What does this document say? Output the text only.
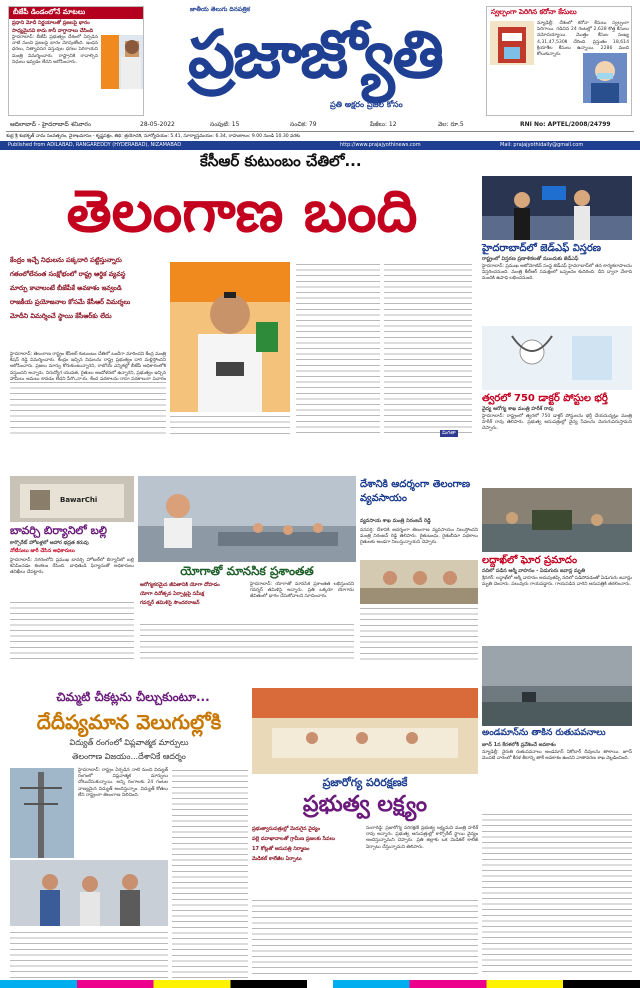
బీజేపీ డిండంలోనే మాటలు
ప్రధాని మోదీ నిర్ణయాలతో ప్రజలపై భారం
సాధ్యమైనవి కాదు కానీ వాగ్దానాలు చేసింది
హైదరాబాద్: బీజేపీ ప్రభుత్వం దేశంలో ఏర్పడిన నాటి నుంచి ప్రజలపై భారం మోపుతోంది. ఇంధన ధరలు, నిత్యావసర వస్తువుల ధరలు పెరిగాయని మంత్రి విమర్శించారు. రాష్ట్రానికి రావాల్సిన నిధులు ఇవ్వడం లేదని ఆరోపించారు.
జాతీయ తెలుగు దినపత్రిక
ప్రజాజ్యోతి
ప్రతి అక్షరం ప్రజల కోసం
స్వల్పంగా పెరిగిన కరోనా కేసులు
న్యూఢిల్లీ: దేశంలో కరోనా కేసులు స్వల్పంగా పెరిగాయి. గడిచిన 24 గంటల్లో 2,628 కొత్త కేసులు నమోదయ్యాయి. మొత్తం కేసుల సంఖ్య 4,31,47,530కి చేరింది. ప్రస్తుతం 18,614 క్రియాశీల కేసులు ఉన్నాయి. 2286 మంది కోలుకున్నారు.
ఆదిలాబాద్ - హైదరాబాద్ శనివారం	28-05-2022	సంపుటి: 15	సంచిక: 79	పేజీలు: 12	వెల: రూ.5	RNI No: APTEL/2008/24799
శుభ్ర శ్రీ శుభకృత్ నామ సంవత్సరం, వైశాఖమాసం - కృష్ణపక్షం, తిథి: త్రయోదశి, సూర్యోదయం: 5.41, సూర్యాస్తమయం: 6.34, రాహుకాలం: 9.00 నుండి 10.30 వరకు
Published from ADILABAD, RANGAREDDY (HYDERABAD), NIZAMABAD	http://www.prajajyothinews.com	Mail: prajajyothidaily@gmail.com
కేసీఆర్ కుటుంబం చేతిలో...
తెలంగాణ బంది
కేంద్రం ఇచ్చే నిధులను పక్కదారి పట్టిస్తున్నారు
గతంలోలేనంత సంక్షోభంలో రాష్ట్ర ఆర్థిక వ్యవస్థ
మార్పు కావాలంటే బీజేపీకే అవకాశం ఇవ్వండి
రాజకీయ ప్రయోజనాల కోసమే కేసీఆర్ విమర్శలు
మోదీని విమర్శించే స్థాయి కేసీఆర్‌కు లేదు
హైదరాబాద్: తెలంగాణ రాష్ట్రం కేసీఆర్ కుటుంబం చేతిలో బందీగా మారిందని కేంద్ర మంత్రి కిషన్ రెడ్డి విమర్శించారు. కేంద్రం ఇచ్చిన నిధులను రాష్ట్ర ప్రభుత్వం దారి మళ్లిస్తోందని ఆరోపించారు. ప్రజలు మార్పు కోరుకుంటున్నారని, రాబోయే ఎన్నికల్లో బీజేపీ అధికారంలోకి వస్తుందని అన్నారు. నిరుద్యోగ యువత, రైతులు ఆందోళనలో ఉన్నారని, ప్రభుత్వం ఇచ్చిన
మిగతా
హైదరాబాద్‌లో జెడ్‌ఎఫ్ విస్తరణ
రాష్ట్రంలో విస్తరణ ప్రణాళికలతో ముందుకు జెడ్‌ఎఫ్
హైదరాబాద్: ప్రముఖ ఆటోమోటివ్ సంస్థ జెడ్‌ఎఫ్ హైదరాబాద్‌లో తన కార్యకలాపాలను విస్తరించనుంది. మంత్రి కేటీఆర్ సమక్షంలో ఒప్పందం కుదిరింది. దీని ద్వారా వేలాది మందికి ఉపాధి లభించనుంది.
త్వరలో 750 డాక్టర్ పోస్టుల భర్తీ
వైద్య ఆరోగ్య శాఖ మంత్రి హరీశ్ రావు
హైదరాబాద్: రాష్ట్రంలో త్వరలో 750 డాక్టర్ పోస్టులను భర్తీ చేయనున్నట్లు మంత్రి హరీశ్ రావు తెలిపారు. ప్రభుత్వ ఆసుపత్రుల్లో వైద్య సేవలను మెరుగుపరుస్తామని చెప్పారు.
లద్దాఖ్‌లో ఘోర ప్రమాదం
నదిలో పడిన ఆర్మీ వాహనం - ఏడుగురు జవాన్ల మృతి
శ్రీనగర్: లద్దాఖ్‌లో ఆర్మీ వాహనం అదుపుతప్పి నదిలో పడిపోవడంతో ఏడుగురు జవాన్లు మృతి చెందారు. పలువురు గాయపడ్డారు. గాయపడిన వారిని ఆసుపత్రికి తరలించారు.
అండమాన్‌ను తాకిన రుతుపవనాలు
జూన్ 1న కేరళలోకి ప్రవేశించే అవకాశం
న్యూఢిల్లీ: నైరుతి రుతుపవనాలు అండమాన్ నికోబార్ దీవులను తాకాయి. జూన్ మొదటి వారంలో కేరళ తీరాన్ని తాకే అవకాశం ఉందని వాతావరణ శాఖ వెల్లడించింది.
BawarChi
బావర్చి బిర్యానిలో బల్లి
కార్పొరేట్ హోటళ్లలో ఆహార భద్రత కరువు
నోటీసులు జారీ చేసిన అధికారులు
హైదరాబాద్: నగరంలోని ప్రముఖ బావర్చి హోటల్‌లో బిర్యానీలో బల్లి కనిపించడం కలకలం రేపింది. బాధితుడి ఫిర్యాదుతో అధికారులు తనిఖీలు చేపట్టారు.	యోగాతో మానసిక ప్రశాంతత
ఆరోగ్యకరమైన జీవితానికి యోగా దోహదం
యోగా దినోత్సవ ఏర్పాట్లపై సమీక్ష
గవర్నర్ తమిళిసై సౌందరరాజన్
హైదరాబాద్: యోగాతో మానసిక ప్రశాంతత లభిస్తుందని గవర్నర్ తమిళిసై అన్నారు. ప్రతి ఒక్కరూ యోగాను జీవితంలో భాగం చేసుకోవాలని సూచించారు.
దేశానికి ఆదర్శంగా తెలంగాణ వ్యవసాయం
వ్యవసాయ శాఖ మంత్రి నిరంజన్ రెడ్డి
వనపర్తి: దేశానికి ఆదర్శంగా తెలంగాణ వ్యవసాయం నిలుస్తోందని మంత్రి నిరంజన్ రెడ్డి తెలిపారు. రైతుబంధు, రైతుబీమా పథకాలు రైతులకు అండగా నిలుస్తున్నాయని చెప్పారు.
చిమ్మటి చీకట్లను చీల్చుకుంటూ...
దేదీప్యమాన వెలుగుల్లోకి
విద్యుత్ రంగంలో విప్లవాత్మక మార్పులు
తెలంగాణ విజయం...దేశానికే ఆదర్శం
హైదరాబాద్: రాష్ట్రం ఏర్పడిన నాటి నుంచి విద్యుత్ రంగంలో విప్లవాత్మక మార్పులు చోటుచేసుకున్నాయి. అన్ని రంగాలకు 24 గంటల నాణ్యమైన విద్యుత్ అందిస్తున్నాం. విద్యుత్ కోతలు లేని రాష్ట్రంగా తెలంగాణ నిలిచింది.
ప్రజారోగ్య పరిరక్షణకే
ప్రభుత్వ లక్ష్యం
ప్రభుత్వాసుపత్రుల్లో మెరుగైన వైద్యం
పల్లె దవాఖానాలతో గ్రామీణ ప్రజలకు సేవలు
17 కోట్లతో ఆసుపత్రి నిర్మాణం
మెడికల్ కాలేజీల ఏర్పాటు
సంగారెడ్డి: ప్రజారోగ్య పరిరక్షణే ప్రభుత్వ లక్ష్యమని మంత్రి హరీశ్ రావు అన్నారు. ప్రభుత్వ ఆసుపత్రుల్లో కార్పొరేట్ స్థాయి వైద్యం అందిస్తున్నామని చెప్పారు. ప్రతి జిల్లాకు ఒక మెడికల్ కాలేజీ ఏర్పాటు చేస్తున్నామని తెలిపారు.
